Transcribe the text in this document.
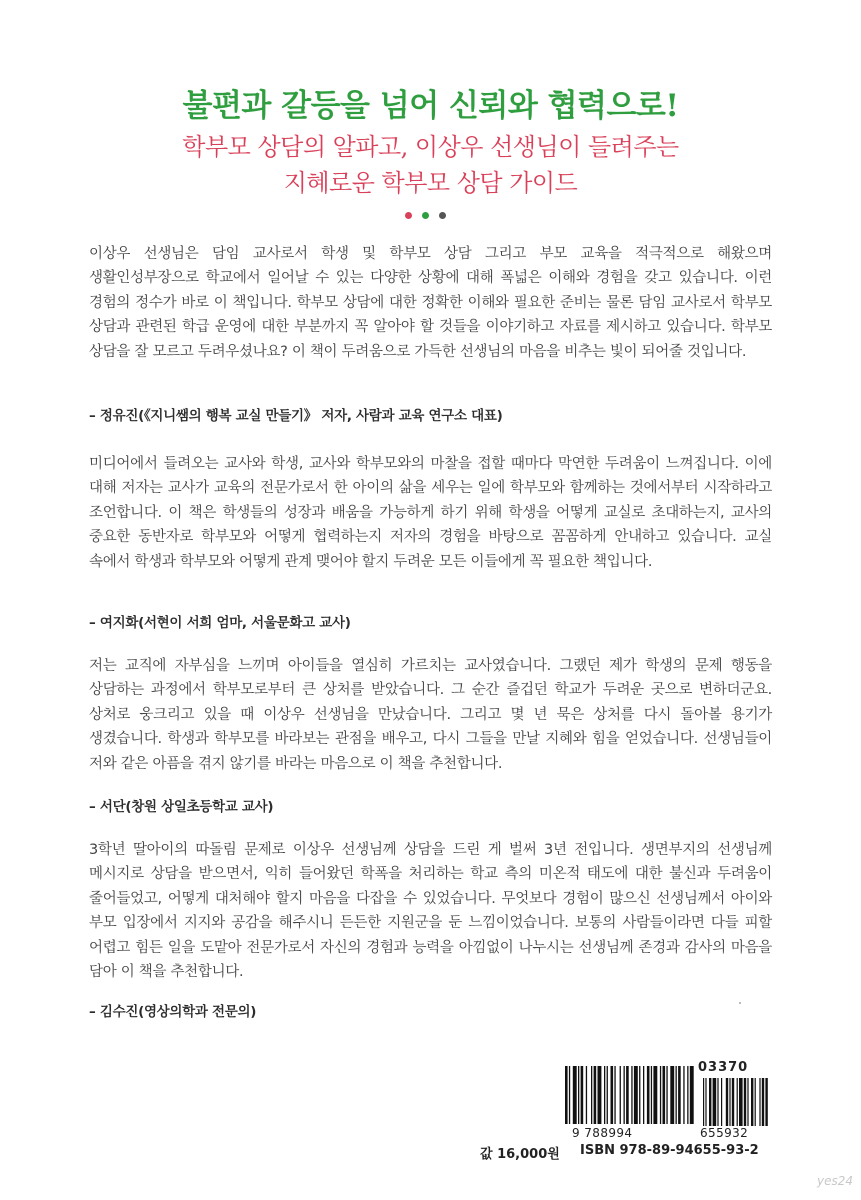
불편과 갈등을 넘어 신뢰와 협력으로!
학부모 상담의 알파고, 이상우 선생님이 들려주는
지혜로운 학부모 상담 가이드

이상우 선생님은 담임 교사로서 학생 및 학부모 상담 그리고 부모 교육을 적극적으로 해왔으며 생활인성부장으로 학교에서 일어날 수 있는 다양한 상황에 대해 폭넓은 이해와 경험을 갖고 있습니다. 이런 경험의 정수가 바로 이 책입니다. 학부모 상담에 대한 정확한 이해와 필요한 준비는 물론 담임 교사로서 학부모 상담과 관련된 학급 운영에 대한 부분까지 꼭 알아야 할 것들을 이야기하고 자료를 제시하고 있습니다. 학부모 상담을 잘 모르고 두려우셨나요? 이 책이 두려움으로 가득한 선생님의 마음을 비추는 빛이 되어줄 것입니다.

– 정유진(《지니쌤의 행복 교실 만들기》 저자, 사람과 교육 연구소 대표)

미디어에서 들려오는 교사와 학생, 교사와 학부모와의 마찰을 접할 때마다 막연한 두려움이 느껴집니다. 이에 대해 저자는 교사가 교육의 전문가로서 한 아이의 삶을 세우는 일에 학부모와 함께하는 것에서부터 시작하라고 조언합니다. 이 책은 학생들의 성장과 배움을 가능하게 하기 위해 학생을 어떻게 교실로 초대하는지, 교사의 중요한 동반자로 학부모와 어떻게 협력하는지 저자의 경험을 바탕으로 꼼꼼하게 안내하고 있습니다. 교실 속에서 학생과 학부모와 어떻게 관계 맺어야 할지 두려운 모든 이들에게 꼭 필요한 책입니다.

– 여지화(서현이 서희 엄마, 서울문화고 교사)

저는 교직에 자부심을 느끼며 아이들을 열심히 가르치는 교사였습니다. 그랬던 제가 학생의 문제 행동을 상담하는 과정에서 학부모로부터 큰 상처를 받았습니다. 그 순간 즐겁던 학교가 두려운 곳으로 변하더군요. 상처로 웅크리고 있을 때 이상우 선생님을 만났습니다. 그리고 몇 년 묵은 상처를 다시 돌아볼 용기가 생겼습니다. 학생과 학부모를 바라보는 관점을 배우고, 다시 그들을 만날 지혜와 힘을 얻었습니다. 선생님들이 저와 같은 아픔을 겪지 않기를 바라는 마음으로 이 책을 추천합니다.

– 서단(창원 상일초등학교 교사)

3학년 딸아이의 따돌림 문제로 이상우 선생님께 상담을 드린 게 벌써 3년 전입니다. 생면부지의 선생님께 메시지로 상담을 받으면서, 익히 들어왔던 학폭을 처리하는 학교 측의 미온적 태도에 대한 불신과 두려움이 줄어들었고, 어떻게 대처해야 할지 마음을 다잡을 수 있었습니다. 무엇보다 경험이 많으신 선생님께서 아이와 부모 입장에서 지지와 공감을 해주시니 든든한 지원군을 둔 느낌이었습니다. 보통의 사람들이라면 다들 피할 어렵고 힘든 일을 도맡아 전문가로서 자신의 경험과 능력을 아낌없이 나누시는 선생님께 존경과 감사의 마음을 담아 이 책을 추천합니다.

– 김수진(영상의학과 전문의)
03370
9 788994	655932
값 16,000원 ISBN 978-89-94655-93-2
yes24
